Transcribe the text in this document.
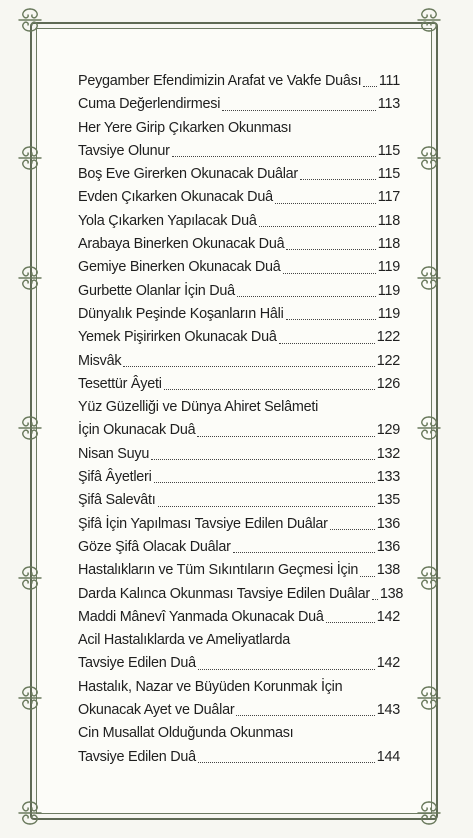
Peygamber Efendimizin Arafat ve Vakfe Duâsı 111
Cuma Değerlendirmesi	113
Her Yere Girip Çıkarken Okunması
Tavsiye Olunur	115
Boş Eve Girerken Okunacak Duâlar	115
Evden Çıkarken Okunacak Duâ	117
Yola Çıkarken Yapılacak Duâ	118
Arabaya Binerken Okunacak Duâ	118
Gemiye Binerken Okunacak Duâ	119
Gurbette Olanlar İçin Duâ	119
Dünyalık Peşinde Koşanların Hâli	119
Yemek Pişirirken Okunacak Duâ	122
Misvâk	122
Tesettür Âyeti	126
Yüz Güzelliği ve Dünya Ahiret Selâmeti
İçin Okunacak Duâ	129
Nisan Suyu	132
Şifâ Âyetleri	133
Şifâ Salevâtı	135
Şifâ İçin Yapılması Tavsiye Edilen Duâlar	136
Göze Şifâ Olacak Duâlar	136
Hastalıkların ve Tüm Sıkıntıların Geçmesi İçin 138
Darda Kalınca Okunması Tavsiye Edilen Duâlar 138
Maddi Mânevî Yanmada Okunacak Duâ	142
Acil Hastalıklarda ve Ameliyatlarda
Tavsiye Edilen Duâ	142
Hastalık, Nazar ve Büyüden Korunmak İçin
Okunacak Ayet ve Duâlar	143
Cin Musallat Olduğunda Okunması
Tavsiye Edilen Duâ	144
